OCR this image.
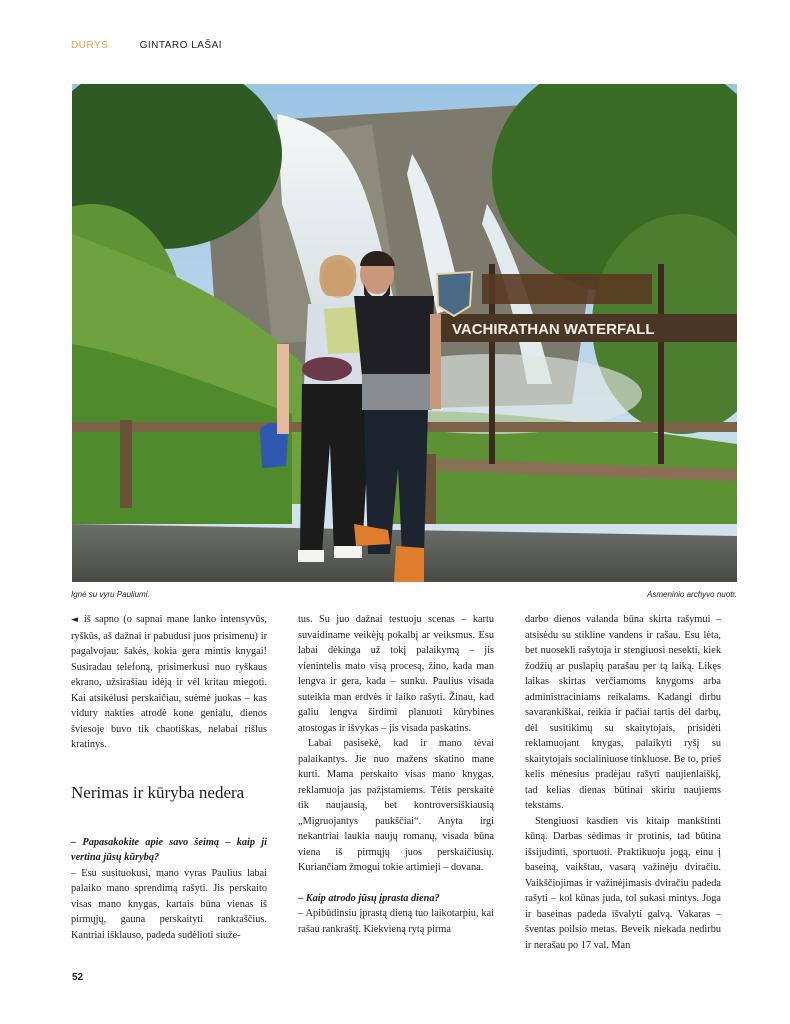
DURYS	GINTARO LAŠAI
VACHIRATHAN WATERFALL
Ignė su vyru Pauliumi.	Asmeninio archyvo nuotr.

◄ iš sapno (o sapnai mane lanko intensyvūs, ryškūs, aš dažnai ir pabudusi juos prisimenu) ir pagalvojau: šakės, kokia gera mintis knygai! Susiradau telefoną, prisimerkusi nuo ryškaus ekrano, užsirašiau idėją ir vėl kritau miegoti. Kai atsikėlusi perskaičiau, suėmė juokas – kas vidury nakties atrodė kone genialu, dienos šviesoje buvo tik chaotiškas, nelabai rišlus kratinys.

Nerimas ir kūryba nedera

– Papasakokite apie savo šeimą – kaip ji vertina jūsų kūrybą?

– Esu susituokusi, mano vyras Paulius labai palaiko mano sprendimą rašyti. Jis perskaito visas mano knygas, kartais būna vienas iš pirmųjų, gauna perskaityti rankraščius. Kantriai išklauso, padeda sudėlioti siuže-

tus. Su juo dažnai testuoju scenas – kartu suvaidiname veikėjų pokalbį ar veiksmus. Esu labai dėkinga už tokį palaikymą – jis vienintelis mato visą procesą, žino, kada man lengva ir gera, kada – sunku. Paulius visada suteikia man erdvės ir laiko rašyti. Žinau, kad galiu lengva širdimi planuoti kūrybines atostogas ir išvykas – jis visada paskatins.

Labai pasisekė, kad ir mano tėvai palaikantys. Jie nuo mažens skatino mane kurti. Mama perskaito visas mano knygas, reklamuoja jas pažįstamiems. Tėtis perskaitė tik naujausią, bet kontroversiškiausią „Migruojantys paukščiai“. Anyta irgi nekantriai laukia naujų romanų, visada būna viena iš pirmųjų juos perskaičiusių. Kuriančiam žmogui tokie artimieji – dovana.

– Kaip atrodo jūsų įprasta diena?

– Apibūdinsiu įprastą dieną tuo laikotarpiu, kai rašau rankraštį. Kiekvieną rytą pirma

darbo dienos valanda būna skirta rašymui – atsisėdu su stikline vandens ir rašau. Esu lėta, bet nuoseklì rašytoja ir stengiuosi nesekti, kiek žodžių ar puslapių parašau per tą laiką. Likęs laikas skirtas verčiamoms knygoms arba administraciniams reikalams. Kadangi dirbu savarankiškai, reikia ir pačiai tartis dėl darbų, dėl susitikimų su skaitytojais, prisidėti reklamuojant knygas, palaikyti ryšį su skaitytojais socialiniuose tinkluose. Be to, prieš kelis mėnesius pradėjau rašyti naujienlaiškį, tad kelias dienas būtinai skiriu naujiems tekstams.

Stengiuosi kasdien vis kitaip mankštinti kūną. Darbas sėdimas ir protinis, tad būtina išsijudinti, sportuoti. Praktikuoju jogą, einu į baseiną, vaikštau, vasarą važinėju dviračiu. Vaikščiojimas ir važinėjimasis dviračiu padeda rašyti – kol kūnas juda, tol sukasi mintys. Joga ir baseinas padeda išvalyti galvą. Vakaras – šventas poilsio metas. Beveik niekada nedirbu ir nerašau po 17 val. Man

52
